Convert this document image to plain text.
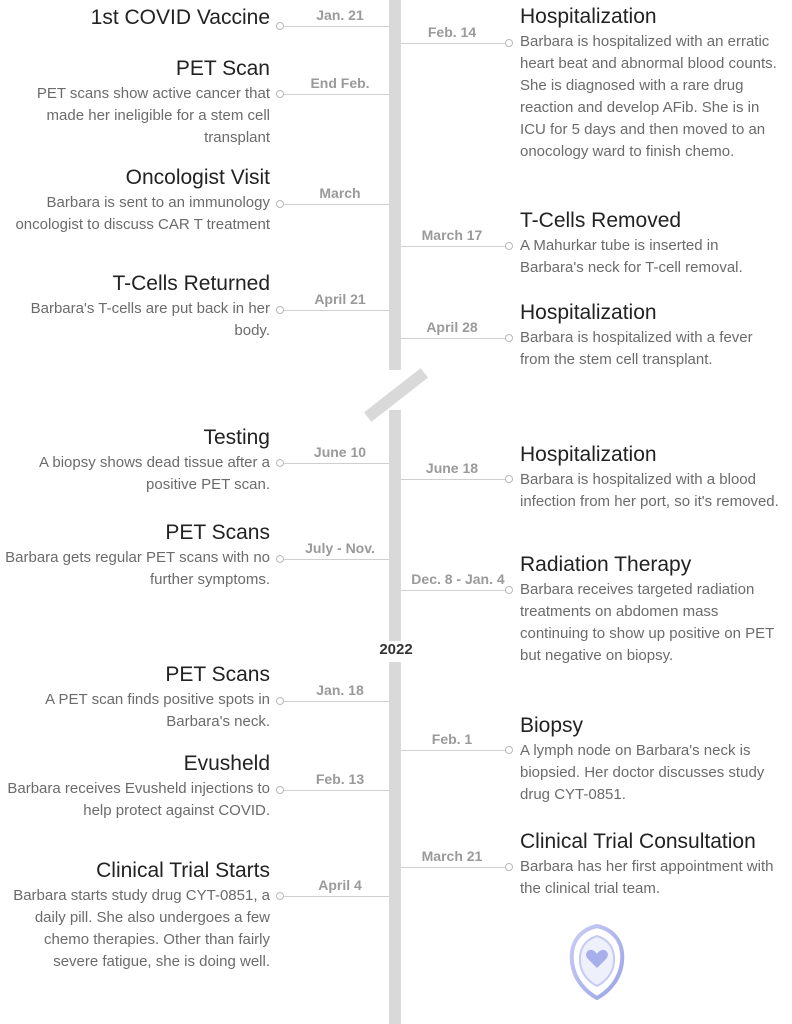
2022
1st COVID Vaccine	Jan. 21
PET Scan
PET scans show active cancer that made her ineligible for a stem cell transplant
End Feb.
Oncologist Visit
Barbara is sent to an immunology oncologist to discuss CAR T treatment
March
T-Cells Returned
Barbara's T-cells are put back in her body.
April 21
Testing
A biopsy shows dead tissue after a positive PET scan.
June 10
PET Scans
Barbara gets regular PET scans with no further symptoms.
July - Nov.
PET Scans
A PET scan finds positive spots in Barbara's neck.
Jan. 18
Evusheld
Barbara receives Evusheld injections to help protect against COVID.
Feb. 13
Clinical Trial Starts
Barbara starts study drug CYT-0851, a daily pill. She also undergoes a few chemo therapies. Other than fairly severe fatigue, she is doing well.
April 4
Hospitalization
Barbara is hospitalized with an erratic heart beat and abnormal blood counts. She is diagnosed with a rare drug reaction and develop AFib. She is in ICU for 5 days and then moved to an onocology ward to finish chemo.
Feb. 14
T-Cells Removed
A Mahurkar tube is inserted in Barbara's neck for T-cell removal.
March 17
Hospitalization
Barbara is hospitalized with a fever from the stem cell transplant.
April 28
Hospitalization
Barbara is hospitalized with a blood infection from her port, so it's removed.
June 18
Radiation Therapy
Barbara receives targeted radiation treatments on abdomen mass continuing to show up positive on PET but negative on biopsy.
Dec. 8 - Jan. 4
Biopsy
A lymph node on Barbara's neck is biopsied. Her doctor discusses study drug CYT-0851.
Feb. 1
Clinical Trial Consultation
Barbara has her first appointment with the clinical trial team.
March 21
